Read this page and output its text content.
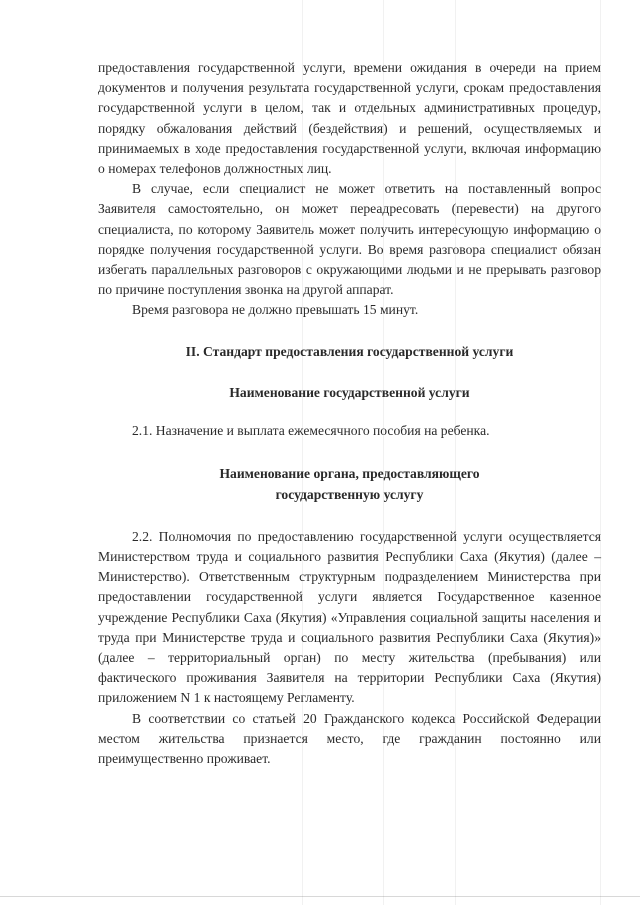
предоставления государственной услуги, времени ожидания в очереди на прием документов и получения результата государственной услуги, срокам предоставления государственной услуги в целом, так и отдельных административных процедур, порядку обжалования действий (бездействия) и решений, осуществляемых и принимаемых в ходе предоставления государственной услуги, включая информацию о номерах телефонов должностных лиц.

В случае, если специалист не может ответить на поставленный вопрос Заявителя самостоятельно, он может переадресовать (перевести) на другого специалиста, по которому Заявитель может получить интересующую информацию о порядке получения государственной услуги. Во время разговора специалист обязан избегать параллельных разговоров с окружающими людьми и не прерывать разговор по причине поступления звонка на другой аппарат.

Время разговора не должно превышать 15 минут.

II. Стандарт предоставления государственной услуги
Наименование государственной услуги

2.1. Назначение и выплата ежемесячного пособия на ребенка.

Наименование органа, предоставляющего
государственную услугу

2.2. Полномочия по предоставлению государственной услуги осуществляется Министерством труда и социального развития Республики Саха (Якутия) (далее – Министерство). Ответственным структурным подразделением Министерства при предоставлении государственной услуги является Государственное казенное учреждение Республики Саха (Якутия) «Управления социальной защиты населения и труда при Министерстве труда и социального развития Республики Саха (Якутия)» (далее – территориальный орган) по месту жительства (пребывания) или фактического проживания Заявителя на территории Республики Саха (Якутия) приложением N 1 к настоящему Регламенту.

В соответствии со статьей 20 Гражданского кодекса Российской Федерации местом жительства признается место, где гражданин постоянно или преимущественно проживает.
